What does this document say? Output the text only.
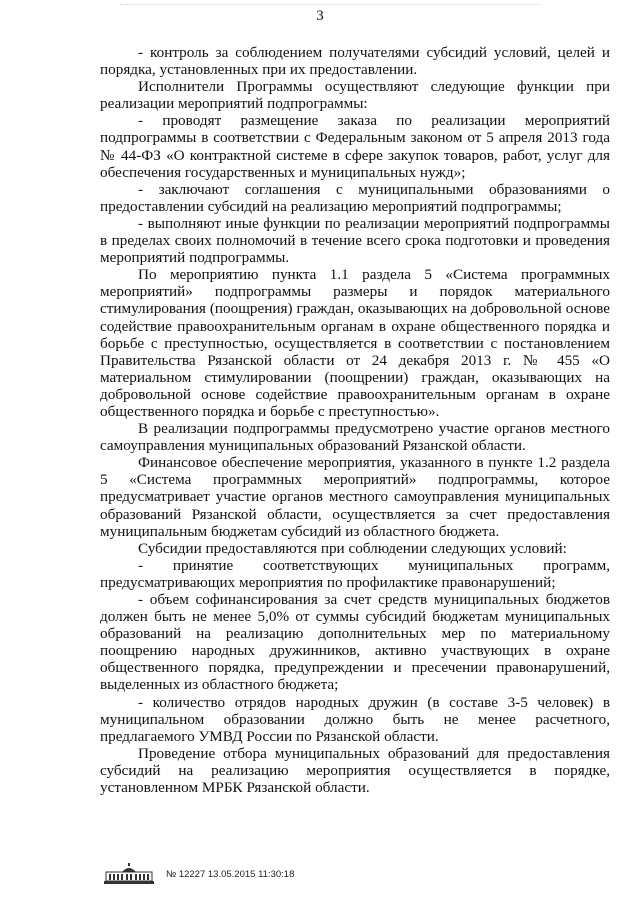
3

- контроль за соблюдением получателями субсидий условий, целей и порядка, установленных при их предоставлении.

Исполнители Программы осуществляют следующие функции при реализации мероприятий подпрограммы:

- проводят размещение заказа по реализации мероприятий подпрограммы в соответствии с Федеральным законом от 5 апреля 2013 года № 44-ФЗ «О контрактной системе в сфере закупок товаров, работ, услуг для обеспечения государственных и муниципальных нужд»;

- заключают соглашения с муниципальными образованиями о предоставлении субсидий на реализацию мероприятий подпрограммы;

- выполняют иные функции по реализации мероприятий подпрограммы в пределах своих полномочий в течение всего срока подготовки и проведения мероприятий подпрограммы.

По мероприятию пункта 1.1 раздела 5 «Система программных мероприятий» подпрограммы размеры и порядок материального стимулирования (поощрения) граждан, оказывающих на добровольной основе содействие правоохранительным органам в охране общественного порядка и борьбе с преступностью, осуществляется в соответствии с постановлением Правительства Рязанской области от 24 декабря 2013 г. № 455 «О материальном стимулировании (поощрении) граждан, оказывающих на добровольной основе содействие правоохранительным органам в охране общественного порядка и борьбе с преступностью».

В реализации подпрограммы предусмотрено участие органов местного самоуправления муниципальных образований Рязанской области.

Финансовое обеспечение мероприятия, указанного в пункте 1.2 раздела 5 «Система программных мероприятий» подпрограммы, которое предусматривает участие органов местного самоуправления муниципальных образований Рязанской области, осуществляется за счет предоставления муниципальным бюджетам субсидий из областного бюджета.

Субсидии предоставляются при соблюдении следующих условий:

- принятие соответствующих муниципальных программ, предусматривающих мероприятия по профилактике правонарушений;

- объем софинансирования за счет средств муниципальных бюджетов должен быть не менее 5,0% от суммы субсидий бюджетам муниципальных образований на реализацию дополнительных мер по материальному поощрению народных дружинников, активно участвующих в охране общественного порядка, предупреждении и пресечении правонарушений, выделенных из областного бюджета;

- количество отрядов народных дружин (в составе 3-5 человек) в муниципальном образовании должно быть не менее расчетного, предлагаемого УМВД России по Рязанской области.

Проведение отбора муниципальных образований для предоставления субсидий на реализацию мероприятия осуществляется в порядке, установленном МРБК Рязанской области.

№ 12227 13.05.2015 11:30:18
